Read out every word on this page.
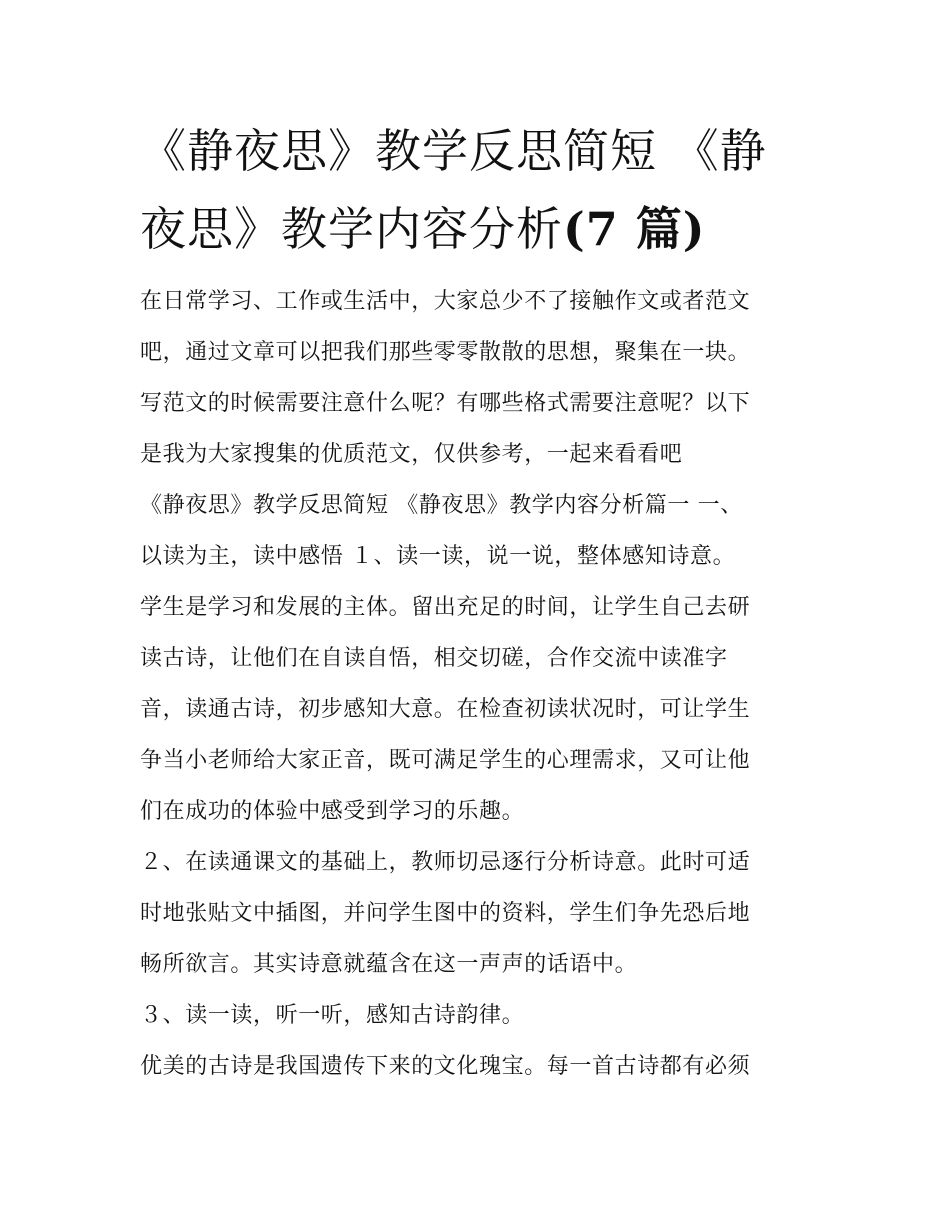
《静夜思》教学反思简短 《静
夜思》教学内容分析(7 篇)
在日常学习、工作或生活中，大家总少不了接触作文或者范文
吧，通过文章可以把我们那些零零散散的思想，聚集在一块。
写范文的时候需要注意什么呢？有哪些格式需要注意呢？以下
是我为大家搜集的优质范文，仅供参考，一起来看看吧
《静夜思》教学反思简短 《静夜思》教学内容分析篇一 一、
以读为主，读中感悟 １、读一读，说一说，整体感知诗意。
学生是学习和发展的主体。留出充足的时间，让学生自己去研
读古诗，让他们在自读自悟，相交切磋，合作交流中读准字
音，读通古诗，初步感知大意。在检查初读状况时，可让学生
争当小老师给大家正音，既可满足学生的心理需求，又可让他
们在成功的体验中感受到学习的乐趣。
２、在读通课文的基础上，教师切忌逐行分析诗意。此时可适
时地张贴文中插图，并问学生图中的资料，学生们争先恐后地
畅所欲言。其实诗意就蕴含在这一声声的话语中。
３、读一读，听一听，感知古诗韵律。
优美的古诗是我国遗传下来的文化瑰宝。每一首古诗都有必须
